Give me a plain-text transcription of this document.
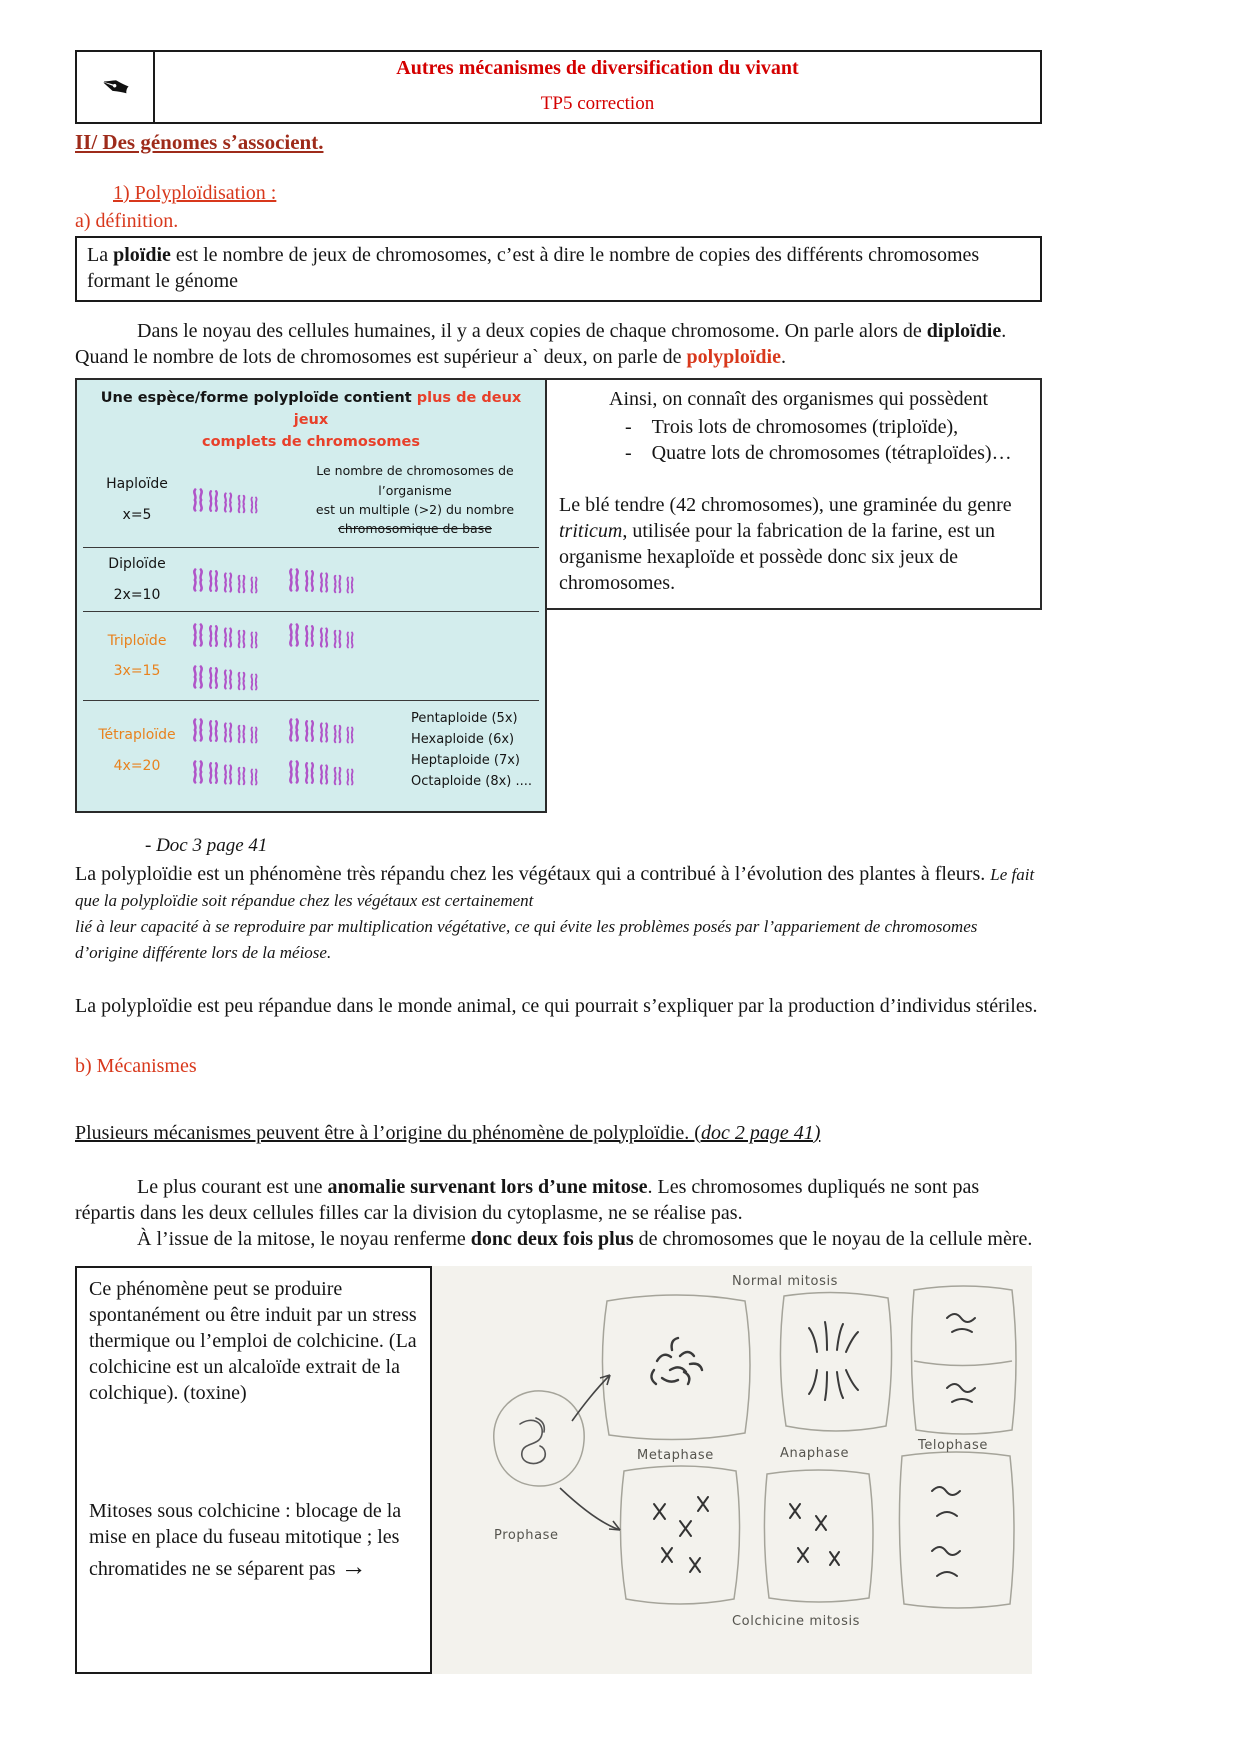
✒	Autres mécanismes de diversification du vivant
TP5 correction
II/ Des génomes s’associent.
1) Polyploïdisation :
a) définition.

La ploïdie est le nombre de jeux de chromosomes, c’est à dire le nombre de copies des différents chromosomes formant le génome

Dans le noyau des cellules humaines, il y a deux copies de chaque chromosome. On parle alors de diploïdie. Quand le nombre de lots de chromosomes est supérieur a` deux, on parle de polyploïdie.

Une espèce/forme polyploïde contient plus de deux jeux
complets de chromosomes
Haploïde
x=5
Le nombre de chromosomes de l’organisme
est un multiple (>2) du nombre
chromosomique de base
Diploïde
2x=10
Triploïde
3x=15
Tétraploïde
4x=20
Pentaploide (5x)
Hexaploide (6x)
Heptaploide (7x)
Octaploide (8x) ....

Ainsi, on connaît des organismes qui possèdent

- Trois lots de chromosomes (triploïde),
- Quatre lots de chromosomes (tétraploïdes)…

Le blé tendre (42 chromosomes), une graminée du genre triticum, utilisée pour la fabrication de la farine, est un organisme hexaploïde et possède donc six jeux de chromosomes.

- Doc 3 page 41

La polyploïdie est un phénomène très répandu chez les végétaux qui a contribué à l’évolution des plantes à fleurs. Le fait que la polyploïdie soit répandue chez les végétaux est certainement
lié à leur capacité à se reproduire par multiplication végétative, ce qui évite les problèmes posés par l’appariement de chromosomes d’origine différente lors de la méiose.

La polyploïdie est peu répandue dans le monde animal, ce qui pourrait s’expliquer par la production d’individus stériles.

b) Mécanismes

Plusieurs mécanismes peuvent être à l’origine du phénomène de polyploïdie. (doc 2 page 41)

Le plus courant est une anomalie survenant lors d’une mitose. Les chromosomes dupliqués ne sont pas répartis dans les deux cellules filles car la division du cytoplasme, ne se réalise pas.

À l’issue de la mitose, le noyau renferme donc deux fois plus de chromosomes que le noyau de la cellule mère.

Ce phénomène peut se produire spontanément ou être induit par un stress thermique ou l’emploi de colchicine. (La colchicine est un alcaloïde extrait de la colchique). (toxine)

Mitoses sous colchicine : blocage de la mise en place du fuseau mitotique ; les chromatides ne se séparent pas →

Normal mitosis
Metaphase	Anaphase
Telophase
Prophase
Colchicine mitosis
